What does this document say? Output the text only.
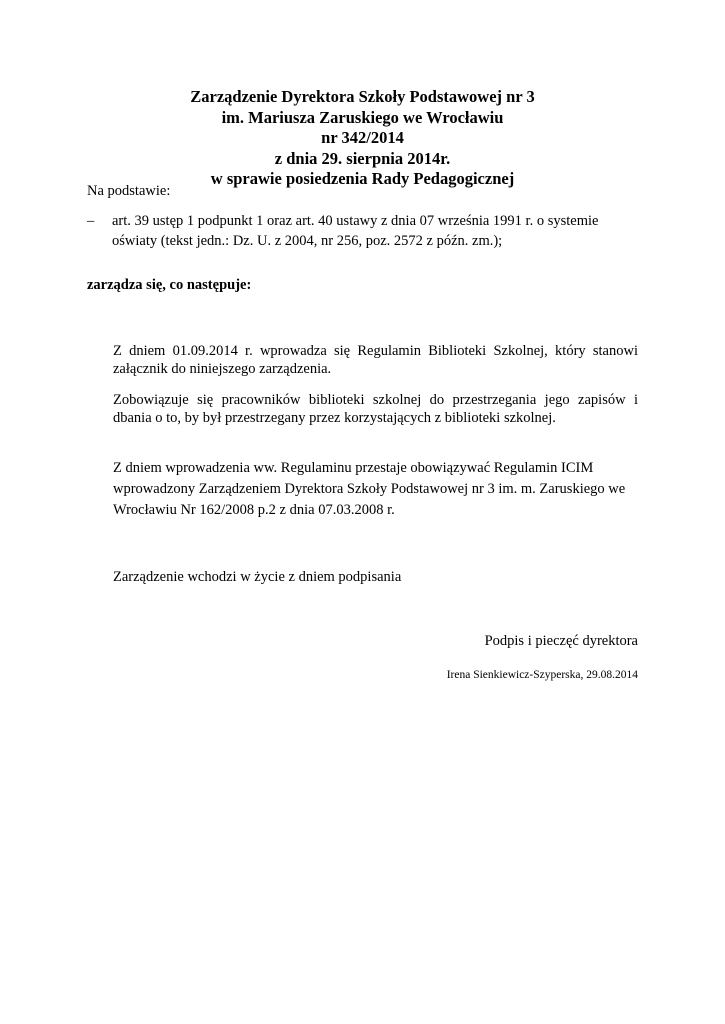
Zarządzenie Dyrektora Szkoły Podstawowej nr 3
im. Mariusza Zaruskiego we Wrocławiu
nr 342/2014
z dnia 29. sierpnia 2014r.
w sprawie posiedzenia Rady Pedagogicznej
Na podstawie:
– art. 39 ustęp 1 podpunkt 1 oraz art. 40 ustawy z dnia 07 września 1991 r. o systemie
oświaty (tekst jedn.: Dz. U. z 2004, nr 256, poz. 2572 z późn. zm.);
zarządza się, co następuje:
Z dniem 01.09.2014 r. wprowadza się Regulamin Biblioteki Szkolnej, który stanowi
załącznik do niniejszego zarządzenia.
Zobowiązuje się pracowników biblioteki szkolnej do przestrzegania jego zapisów i
dbania o to, by był przestrzegany przez korzystających z biblioteki szkolnej.
Z dniem wprowadzenia ww. Regulaminu przestaje obowiązywać Regulamin ICIM
wprowadzony Zarządzeniem Dyrektora Szkoły Podstawowej nr 3 im. m. Zaruskiego we
Wrocławiu Nr 162/2008 p.2 z dnia 07.03.2008 r.
Zarządzenie wchodzi w życie z dniem podpisania
Podpis i pieczęć dyrektora
Irena Sienkiewicz-Szyperska, 29.08.2014
